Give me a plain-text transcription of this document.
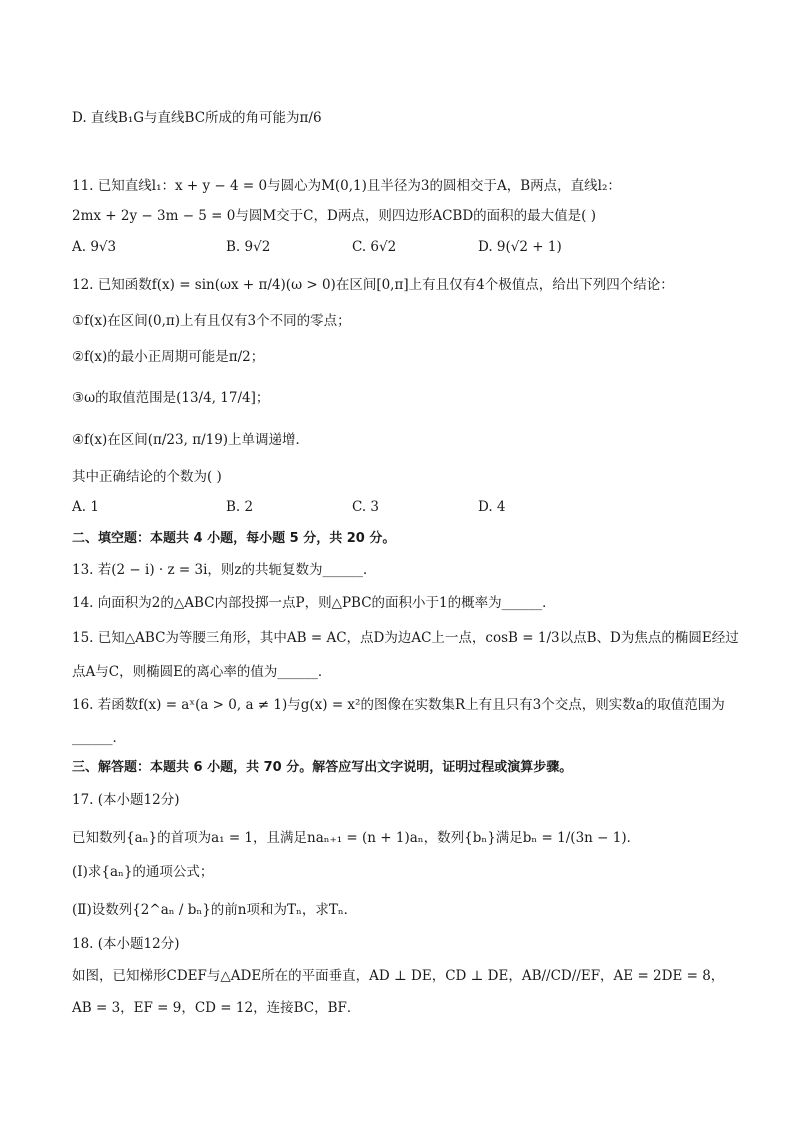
D. 直线B₁G与直线BC所成的角可能为π/6
11. 已知直线l₁：x + y − 4 = 0与圆心为M(0,1)且半径为3的圆相交于A，B两点，直线l₂：
2mx + 2y − 3m − 5 = 0与圆M交于C，D两点，则四边形ACBD的面积的最大值是( )
A. 9√3	B. 9√2	C. 6√2	D. 9(√2 + 1)
12. 已知函数f(x) = sin(ωx + π/4)(ω > 0)在区间[0,π]上有且仅有4个极值点，给出下列四个结论：
①f(x)在区间(0,π)上有且仅有3个不同的零点；
②f(x)的最小正周期可能是π/2；
③ω的取值范围是(13/4, 17/4]；
④f(x)在区间(π/23, π/19)上单调递增．
其中正确结论的个数为( )
A. 1	B. 2	C. 3	D. 4
二、填空题：本题共 4 小题，每小题 5 分，共 20 分。
13. 若(2 − i) · z = 3i，则z的共轭复数为______．
14. 向面积为2的△ABC内部投掷一点P，则△PBC的面积小于1的概率为______．
15. 已知△ABC为等腰三角形，其中AB = AC，点D为边AC上一点，cosB = 1/3以点B、D为焦点的椭圆E经过
点A与C，则椭圆E的离心率的值为______．
16. 若函数f(x) = aˣ(a > 0, a ≠ 1)与g(x) = x²的图像在实数集R上有且只有3个交点，则实数a的取值范围为
______．
三、解答题：本题共 6 小题，共 70 分。解答应写出文字说明，证明过程或演算步骤。
17. (本小题12分)
已知数列{aₙ}的首项为a₁ = 1，且满足naₙ₊₁ = (n + 1)aₙ，数列{bₙ}满足bₙ = 1/(3n − 1)．
(Ⅰ)求{aₙ}的通项公式；
(Ⅱ)设数列{2^aₙ / bₙ}的前n项和为Tₙ，求Tₙ．
18. (本小题12分)
如图，已知梯形CDEF与△ADE所在的平面垂直，AD ⊥ DE，CD ⊥ DE，AB//CD//EF，AE = 2DE = 8，
AB = 3，EF = 9，CD = 12，连接BC，BF．
